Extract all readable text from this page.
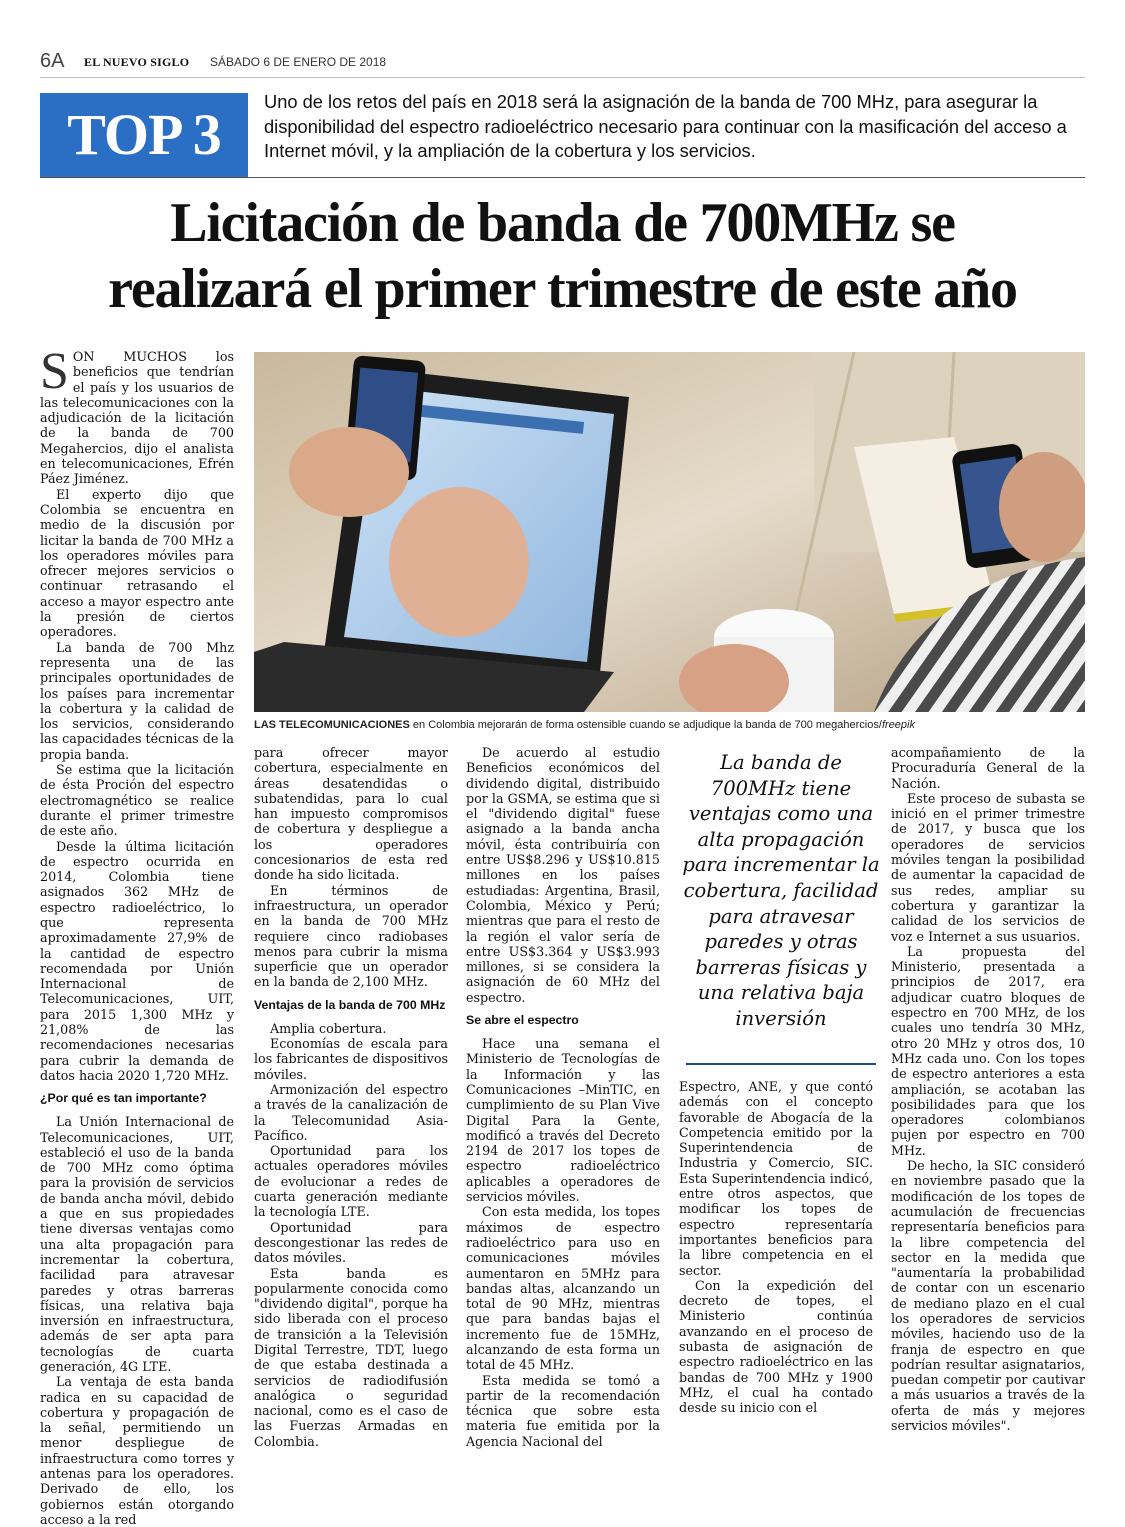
6A EL NUEVO SIGLO SÁBADO 6 DE ENERO DE 2018
TOP 3
Uno de los retos del país en 2018 será la asignación de la banda de 700 MHz, para asegurar la disponibilidad del espectro radioeléctrico necesario para continuar con la masificación del acceso a Internet móvil, y la ampliación de la cobertura y los servicios.
Licitación de banda de 700MHz se
realizará el primer trimestre de este año
LAS TELECOMUNICACIONES en Colombia mejorarán de forma ostensible cuando se adjudique la banda de 700 megahercios/freepik

SON MUCHOS los beneficios que tendrían el país y los usuarios de las telecomunicaciones con la adjudicación de la licitación de la banda de 700 Megahercios, dijo el analista en telecomunicaciones, Efrén Páez Jiménez.

El experto dijo que Colombia se encuentra en medio de la discusión por licitar la banda de 700 MHz a los operadores móviles para ofrecer mejores servicios o continuar retrasando el acceso a mayor espectro ante la presión de ciertos operadores.

La banda de 700 Mhz representa una de las principales oportunidades de los países para incrementar la cobertura y la calidad de los servicios, considerando las capacidades técnicas de la propia banda.

Se estima que la licitación de ésta Proción del espectro electromagnético se realice durante el primer trimestre de este año.

Desde la última licitación de espectro ocurrida en 2014, Colombia tiene asignados 362 MHz de espectro radioeléctrico, lo que representa aproximadamente 27,9% de la cantidad de espectro recomendada por Unión Internacional de Telecomunicaciones, UIT, para 2015 1,300 MHz y 21,08% de las recomendaciones necesarias para cubrir la demanda de datos hacia 2020 1,720 MHz.

¿Por qué es tan importante?

La Unión Internacional de Telecomunicaciones, UIT, estableció el uso de la banda de 700 MHz como óptima para la provisión de servicios de banda ancha móvil, debido a que en sus propiedades tiene diversas ventajas como una alta propagación para incrementar la cobertura, facilidad para atravesar paredes y otras barreras físicas, una relativa baja inversión en infraestructura, además de ser apta para tecnologías de cuarta generación, 4G LTE.

La ventaja de esta banda radica en su capacidad de cobertura y propagación de la señal, permitiendo un menor despliegue de infraestructura como torres y antenas para los operadores. Derivado de ello, los gobiernos están otorgando acceso a la red

para ofrecer mayor cobertura, especialmente en áreas desatendidas o subatendidas, para lo cual han impuesto compromisos de cobertura y despliegue a los operadores concesionarios de esta red donde ha sido licitada.

En términos de infraestructura, un operador en la banda de 700 MHz requiere cinco radiobases menos para cubrir la misma superficie que un operador en la banda de 2,100 MHz.

Ventajas de la banda de 700 MHz

Amplia cobertura.

Economías de escala para los fabricantes de dispositivos móviles.

Armonización del espectro a través de la canalización de la Telecomunidad Asia-Pacífico.

Oportunidad para los actuales operadores móviles de evolucionar a redes de cuarta generación mediante la tecnología LTE.

Oportunidad para descongestionar las redes de datos móviles.

Esta banda es popularmente conocida como "dividendo digital", porque ha sido liberada con el proceso de transición a la Televisión Digital Terrestre, TDT, luego de que estaba destinada a servicios de radiodifusión analógica o seguridad nacional, como es el caso de las Fuerzas Armadas en Colombia.

De acuerdo al estudio Beneficios económicos del dividendo digital, distribuido por la GSMA, se estima que si el "dividendo digital" fuese asignado a la banda ancha móvil, ésta contribuiría con entre US$8.296 y US$10.815 millones en los países estudiadas: Argentina, Brasil, Colombia, México y Perú; mientras que para el resto de la región el valor sería de entre US$3.364 y US$3.993 millones, si se considera la asignación de 60 MHz del espectro.

Se abre el espectro

Hace una semana el Ministerio de Tecnologías de la Información y las Comunicaciones –MinTIC, en cumplimiento de su Plan Vive Digital Para la Gente, modificó a través del Decreto 2194 de 2017 los topes de espectro radioeléctrico aplicables a operadores de servicios móviles.

Con esta medida, los topes máximos de espectro radioeléctrico para uso en comunicaciones móviles aumentaron en 5MHz para bandas altas, alcanzando un total de 90 MHz, mientras que para bandas bajas el incremento fue de 15MHz, alcanzando de esta forma un total de 45 MHz.

Esta medida se tomó a partir de la recomendación técnica que sobre esta materia fue emitida por la Agencia Nacional del

La banda de 700MHz tiene ventajas como una alta propagación para incrementar la cobertura, facilidad para atravesar paredes y otras barreras físicas y una relativa baja inversión

Espectro, ANE, y que contó además con el concepto favorable de Abogacía de la Competencia emitido por la Superintendencia de Industria y Comercio, SIC. Esta Superintendencia indicó, entre otros aspectos, que modificar los topes de espectro representaría importantes beneficios para la libre competencia en el sector.

Con la expedición del decreto de topes, el Ministerio continúa avanzando en el proceso de subasta de asignación de espectro radioeléctrico en las bandas de 700 MHz y 1900 MHz, el cual ha contado desde su inicio con el

acompañamiento de la Procuraduría General de la Nación.

Este proceso de subasta se inició en el primer trimestre de 2017, y busca que los operadores de servicios móviles tengan la posibilidad de aumentar la capacidad de sus redes, ampliar su cobertura y garantizar la calidad de los servicios de voz e Internet a sus usuarios.

La propuesta del Ministerio, presentada a principios de 2017, era adjudicar cuatro bloques de espectro en 700 MHz, de los cuales uno tendría 30 MHz, otro 20 MHz y otros dos, 10 MHz cada uno. Con los topes de espectro anteriores a esta ampliación, se acotaban las posibilidades para que los operadores colombianos pujen por espectro en 700 MHz.

De hecho, la SIC consideró en noviembre pasado que la modificación de los topes de acumulación de frecuencias representaría beneficios para la libre competencia del sector en la medida que "aumentaría la probabilidad de contar con un escenario de mediano plazo en el cual los operadores de servicios móviles, haciendo uso de la franja de espectro en que podrían resultar asignatarios, puedan competir por cautivar a más usuarios a través de la oferta de más y mejores servicios móviles".
